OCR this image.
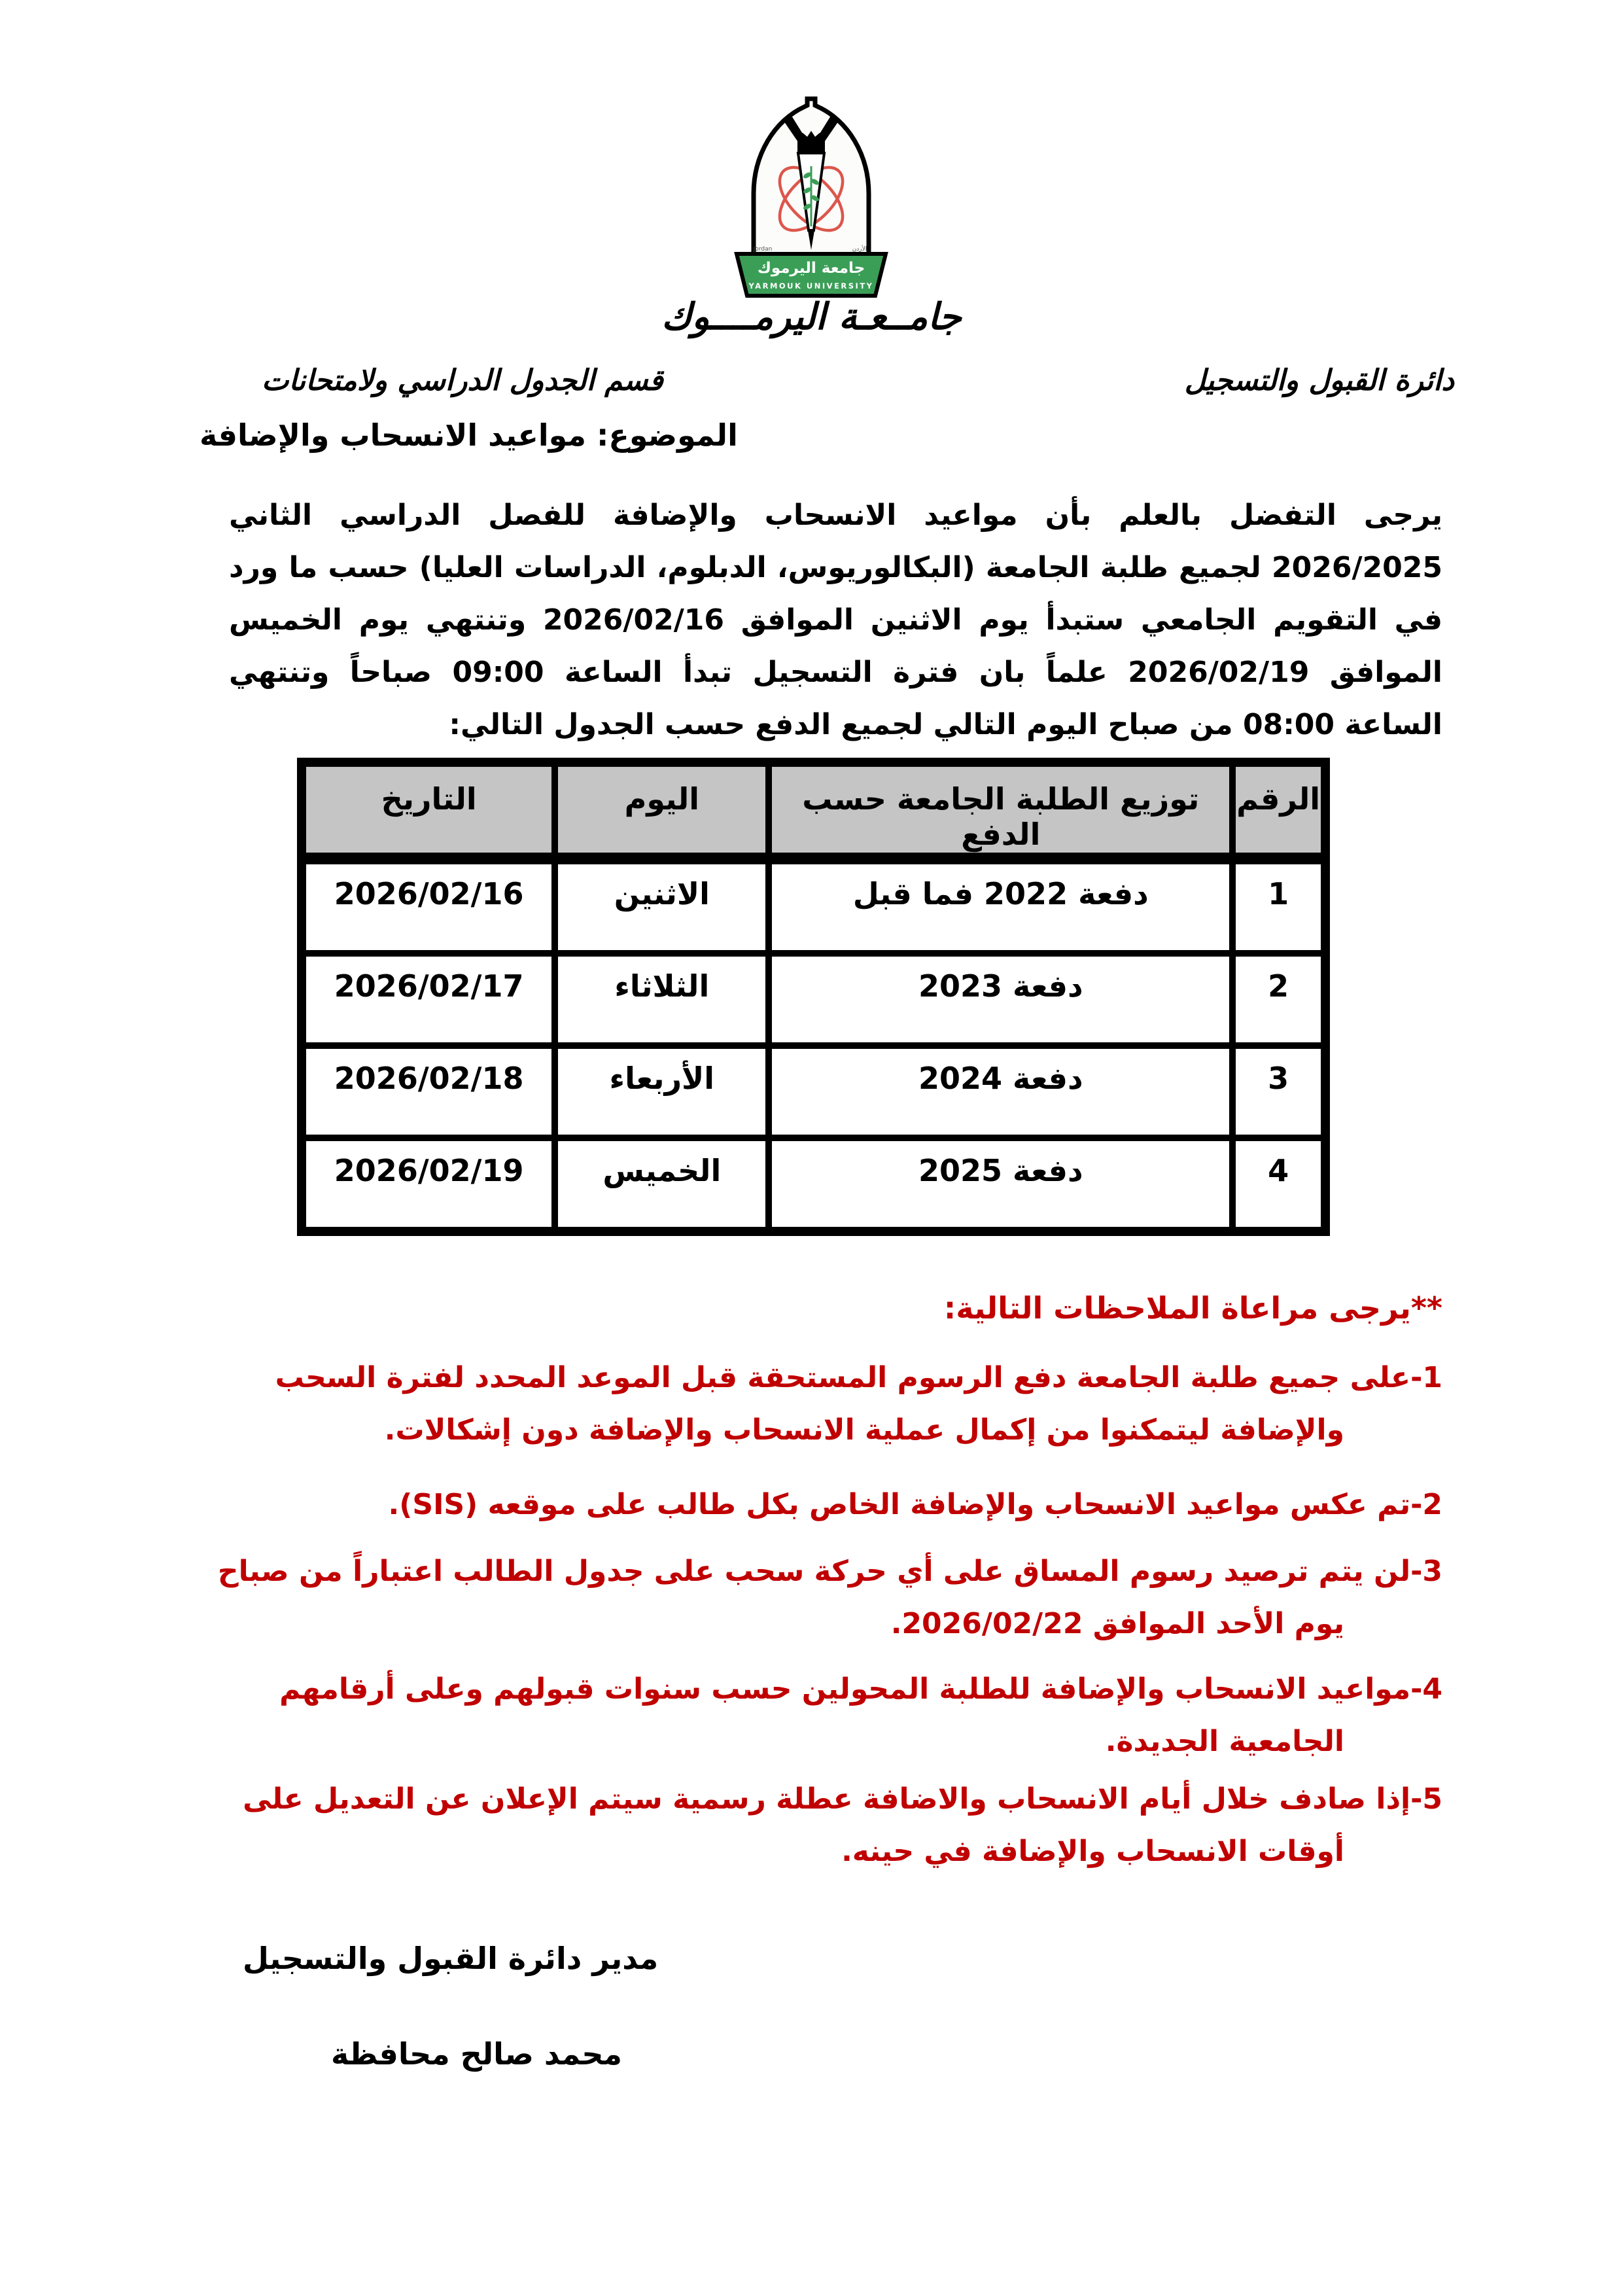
Jordan	الأردن
جامعة اليرموك
YARMOUK UNIVERSITY
جامــعـة اليرمــــوك
دائرة القبول والتسجيل
قسم الجدول الدراسي ولامتحانات
الموضوع: مواعيد الانسحاب والإضافة
يرجى التفضل بالعلم بأن مواعيد الانسحاب والإضافة للفصل الدراسي الثاني 2026/2025 لجميع طلبة الجامعة (البكالوريوس، الدبلوم، الدراسات العليا) حسب ما ورد في التقويم الجامعي ستبدأ يوم الاثنين الموافق 2026/02/16 وتنتهي يوم الخميس الموافق 2026/02/19 علماً بان فترة التسجيل تبدأ الساعة 09:00 صباحاً وتنتهي الساعة 08:00 من صباح اليوم التالي لجميع الدفع حسب الجدول التالي:
الرقم	توزيع الطلبة الجامعة حسب الدفع	اليوم	التاريخ
1	دفعة 2022 فما قبل	الاثنين	2026/02/16
2	دفعة 2023	الثلاثاء	2026/02/17
3	دفعة 2024	الأربعاء	2026/02/18
4	دفعة 2025	الخميس	2026/02/19
**يرجى مراعاة الملاحظات التالية:
1-على جميع طلبة الجامعة دفع الرسوم المستحقة قبل الموعد المحدد لفترة السحب والإضافة ليتمكنوا من إكمال عملية الانسحاب والإضافة دون إشكالات.
2-تم عكس مواعيد الانسحاب والإضافة الخاص بكل طالب على موقعه (SIS).
3-لن يتم ترصيد رسوم المساق على أي حركة سحب على جدول الطالب اعتباراً من صباح يوم الأحد الموافق 2026/02/22.
4-مواعيد الانسحاب والإضافة للطلبة المحولين حسب سنوات قبولهم وعلى أرقامهم الجامعية الجديدة.
5-إذا صادف خلال أيام الانسحاب والاضافة عطلة رسمية سيتم الإعلان عن التعديل على أوقات الانسحاب والإضافة في حينه.
مدير دائرة القبول والتسجيل
محمد صالح محافظة
